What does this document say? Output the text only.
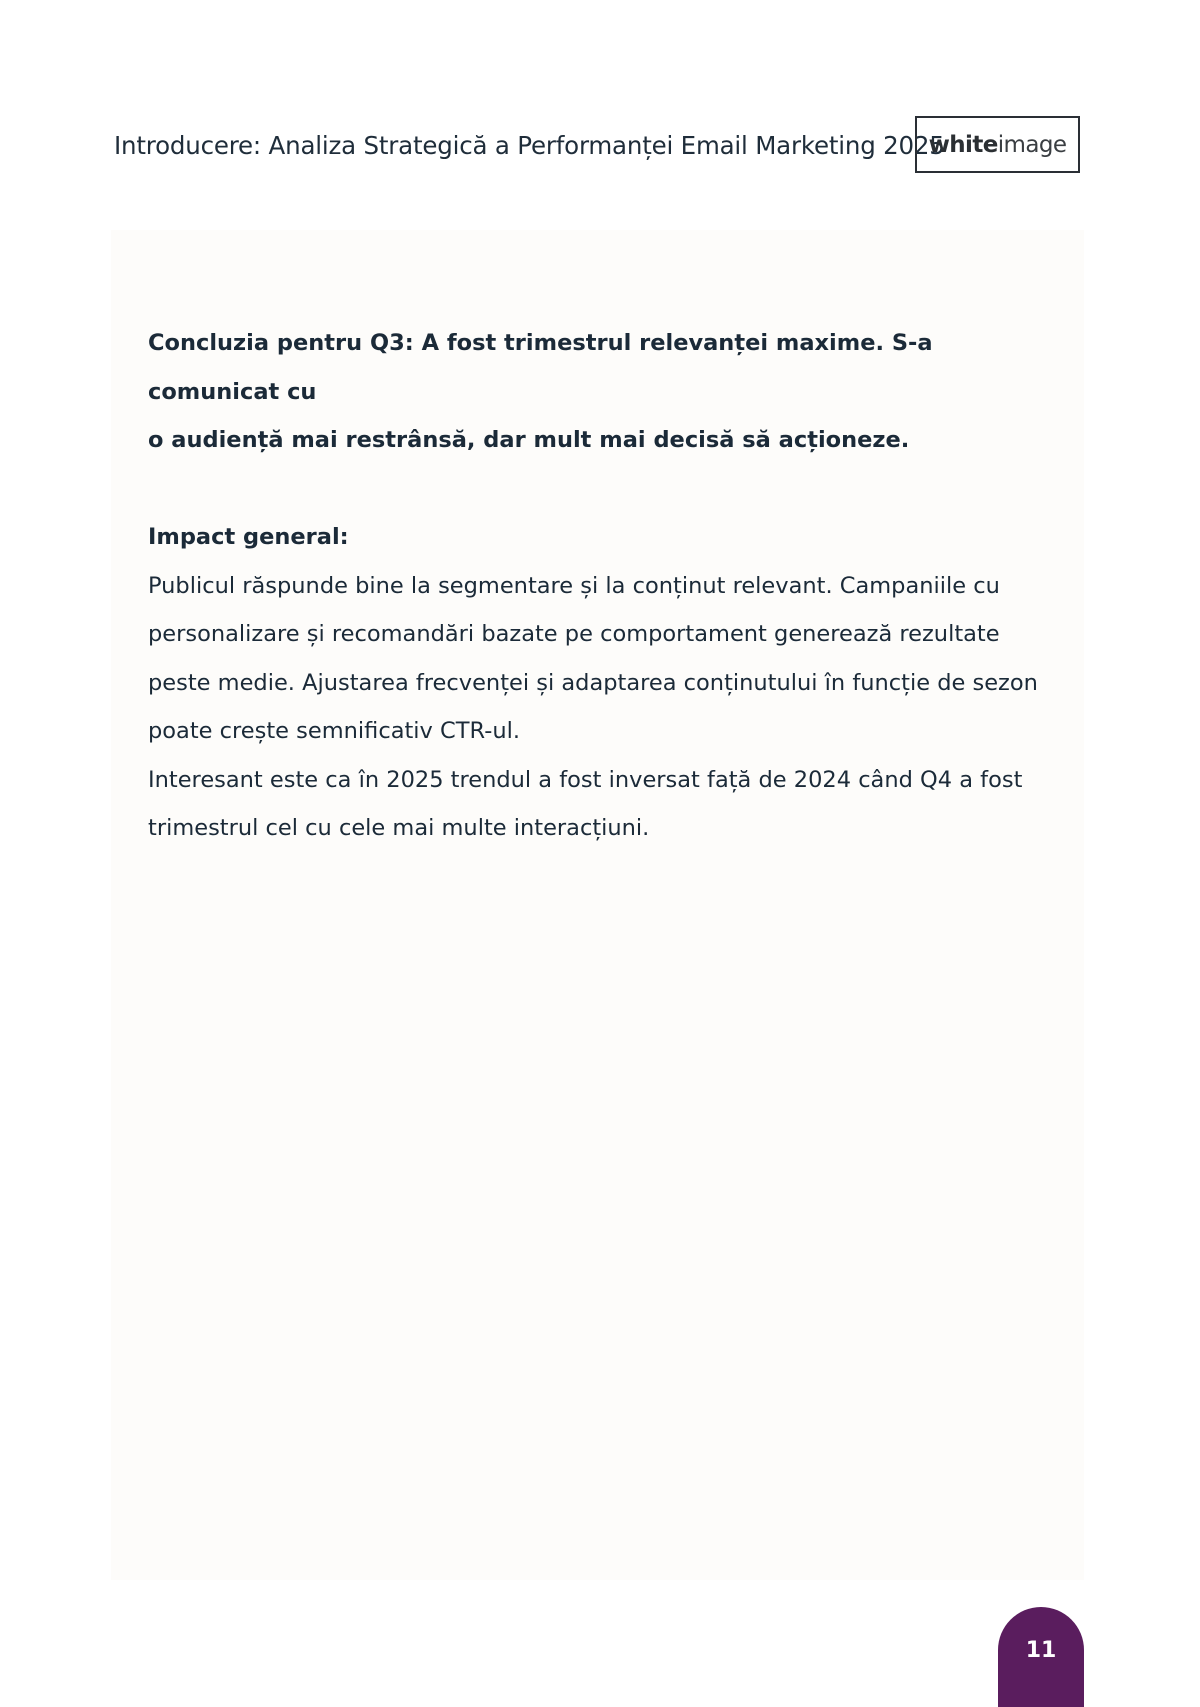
Introducere: Analiza Strategică a Performanței Email Marketing 2025
white image

Concluzia pentru Q3: A fost trimestrul relevanței maxime. S-a comunicat cu

o audiență mai restrânsă, dar mult mai decisă să acționeze.

Impact general:

Publicul răspunde bine la segmentare și la conținut relevant. Campaniile cu

personalizare și recomandări bazate pe comportament generează rezultate

peste medie. Ajustarea frecvenței și adaptarea conținutului în funcție de sezon

poate crește semnificativ CTR-ul.

Interesant este ca în 2025 trendul a fost inversat față de 2024 când Q4 a fost

trimestrul cel cu cele mai multe interacțiuni.

11
